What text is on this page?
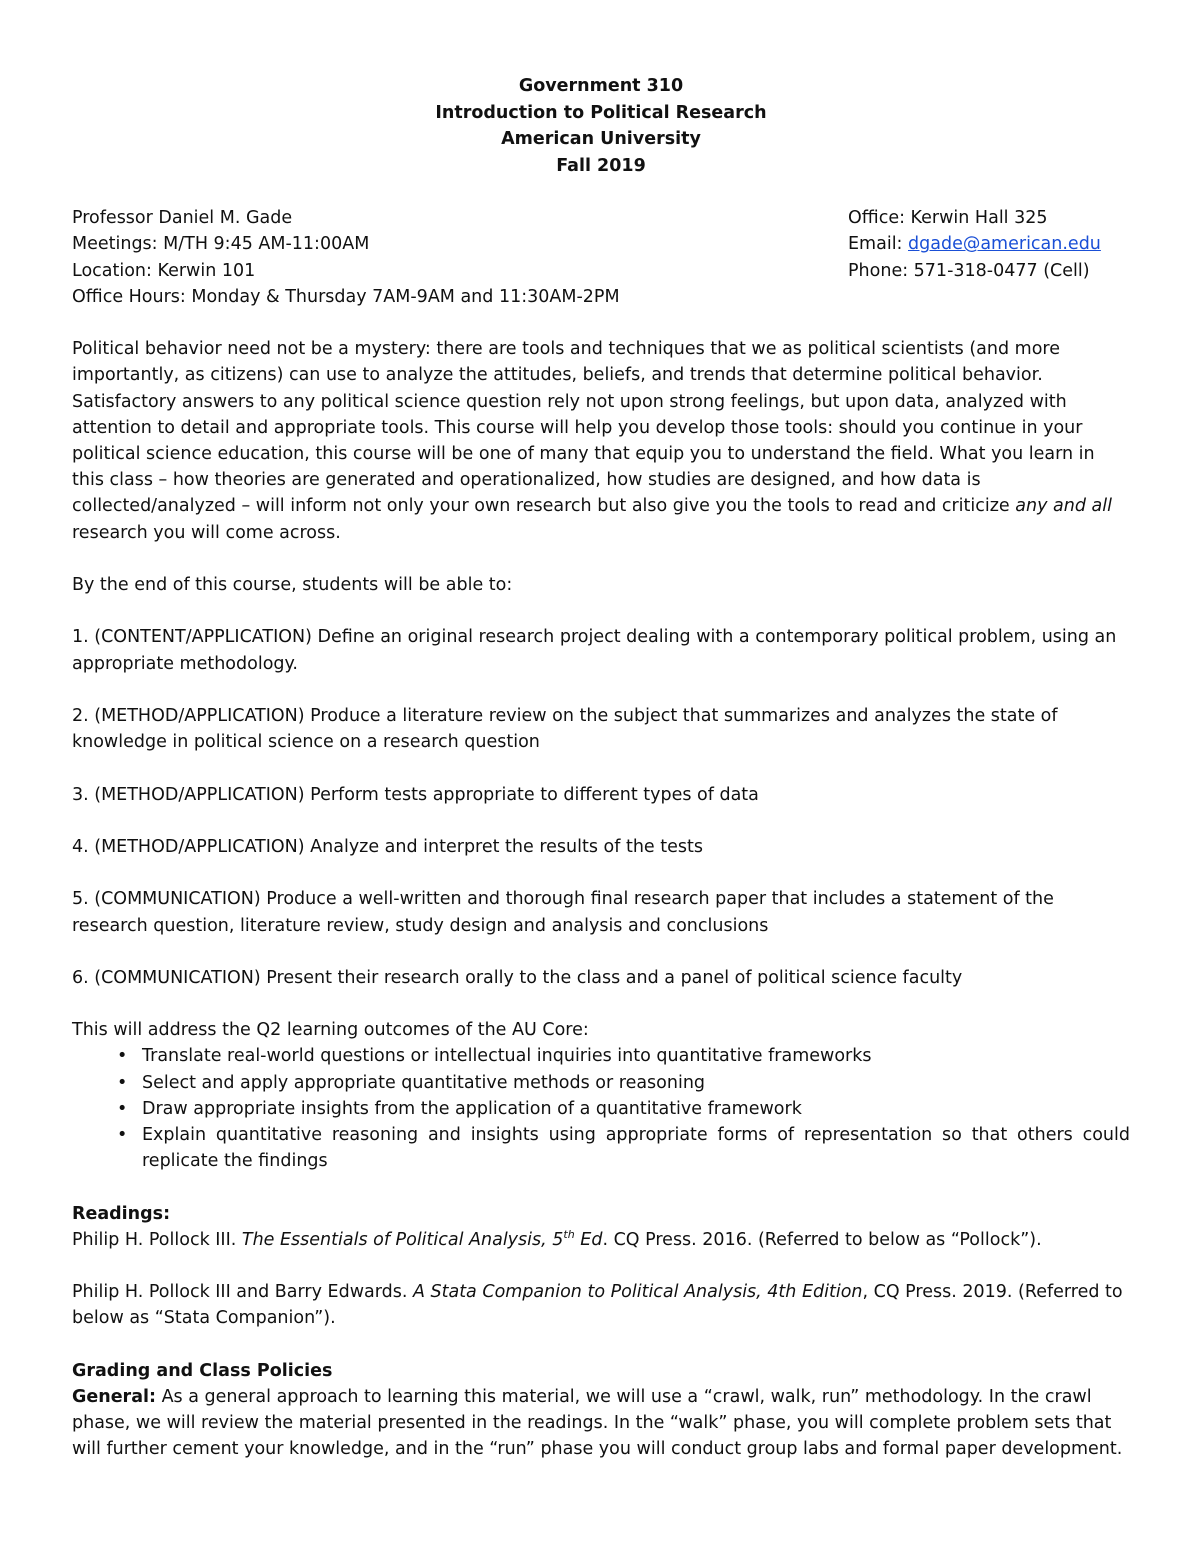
Government 310
Introduction to Political Research
American University
Fall 2019
Professor Daniel M. Gade	Office: Kerwin Hall 325
Meetings: M/TH 9:45 AM-11:00AM	Email: dgade@american.edu
Location: Kerwin 101	Phone: 571-318-0477 (Cell)
Office Hours: Monday & Thursday 7AM-9AM and 11:30AM-2PM
Political behavior need not be a mystery: there are tools and techniques that we as political scientists (and more
importantly, as citizens) can use to analyze the attitudes, beliefs, and trends that determine political behavior.
Satisfactory answers to any political science question rely not upon strong feelings, but upon data, analyzed with
attention to detail and appropriate tools. This course will help you develop those tools: should you continue in your
political science education, this course will be one of many that equip you to understand the field. What you learn in
this class – how theories are generated and operationalized, how studies are designed, and how data is
collected/analyzed – will inform not only your own research but also give you the tools to read and criticize any and all
research you will come across.
By the end of this course, students will be able to:
1. (CONTENT/APPLICATION) Define an original research project dealing with a contemporary political problem, using an
appropriate methodology.
2. (METHOD/APPLICATION) Produce a literature review on the subject that summarizes and analyzes the state of
knowledge in political science on a research question
3. (METHOD/APPLICATION) Perform tests appropriate to different types of data
4. (METHOD/APPLICATION) Analyze and interpret the results of the tests
5. (COMMUNICATION) Produce a well-written and thorough final research paper that includes a statement of the
research question, literature review, study design and analysis and conclusions
6. (COMMUNICATION) Present their research orally to the class and a panel of political science faculty
This will address the Q2 learning outcomes of the AU Core:
• Translate real-world questions or intellectual inquiries into quantitative frameworks
• Select and apply appropriate quantitative methods or reasoning
• Draw appropriate insights from the application of a quantitative framework
• Explain quantitative reasoning and insights using appropriate forms of representation so that others could replicate the findings
Readings:
Philip H. Pollock III. The Essentials of Political Analysis, 5th Ed. CQ Press. 2016. (Referred to below as “Pollock”).
Philip H. Pollock III and Barry Edwards. A Stata Companion to Political Analysis, 4th Edition, CQ Press. 2019. (Referred to
below as “Stata Companion”).
Grading and Class Policies
General: As a general approach to learning this material, we will use a “crawl, walk, run” methodology. In the crawl
phase, we will review the material presented in the readings. In the “walk” phase, you will complete problem sets that
will further cement your knowledge, and in the “run” phase you will conduct group labs and formal paper development.
